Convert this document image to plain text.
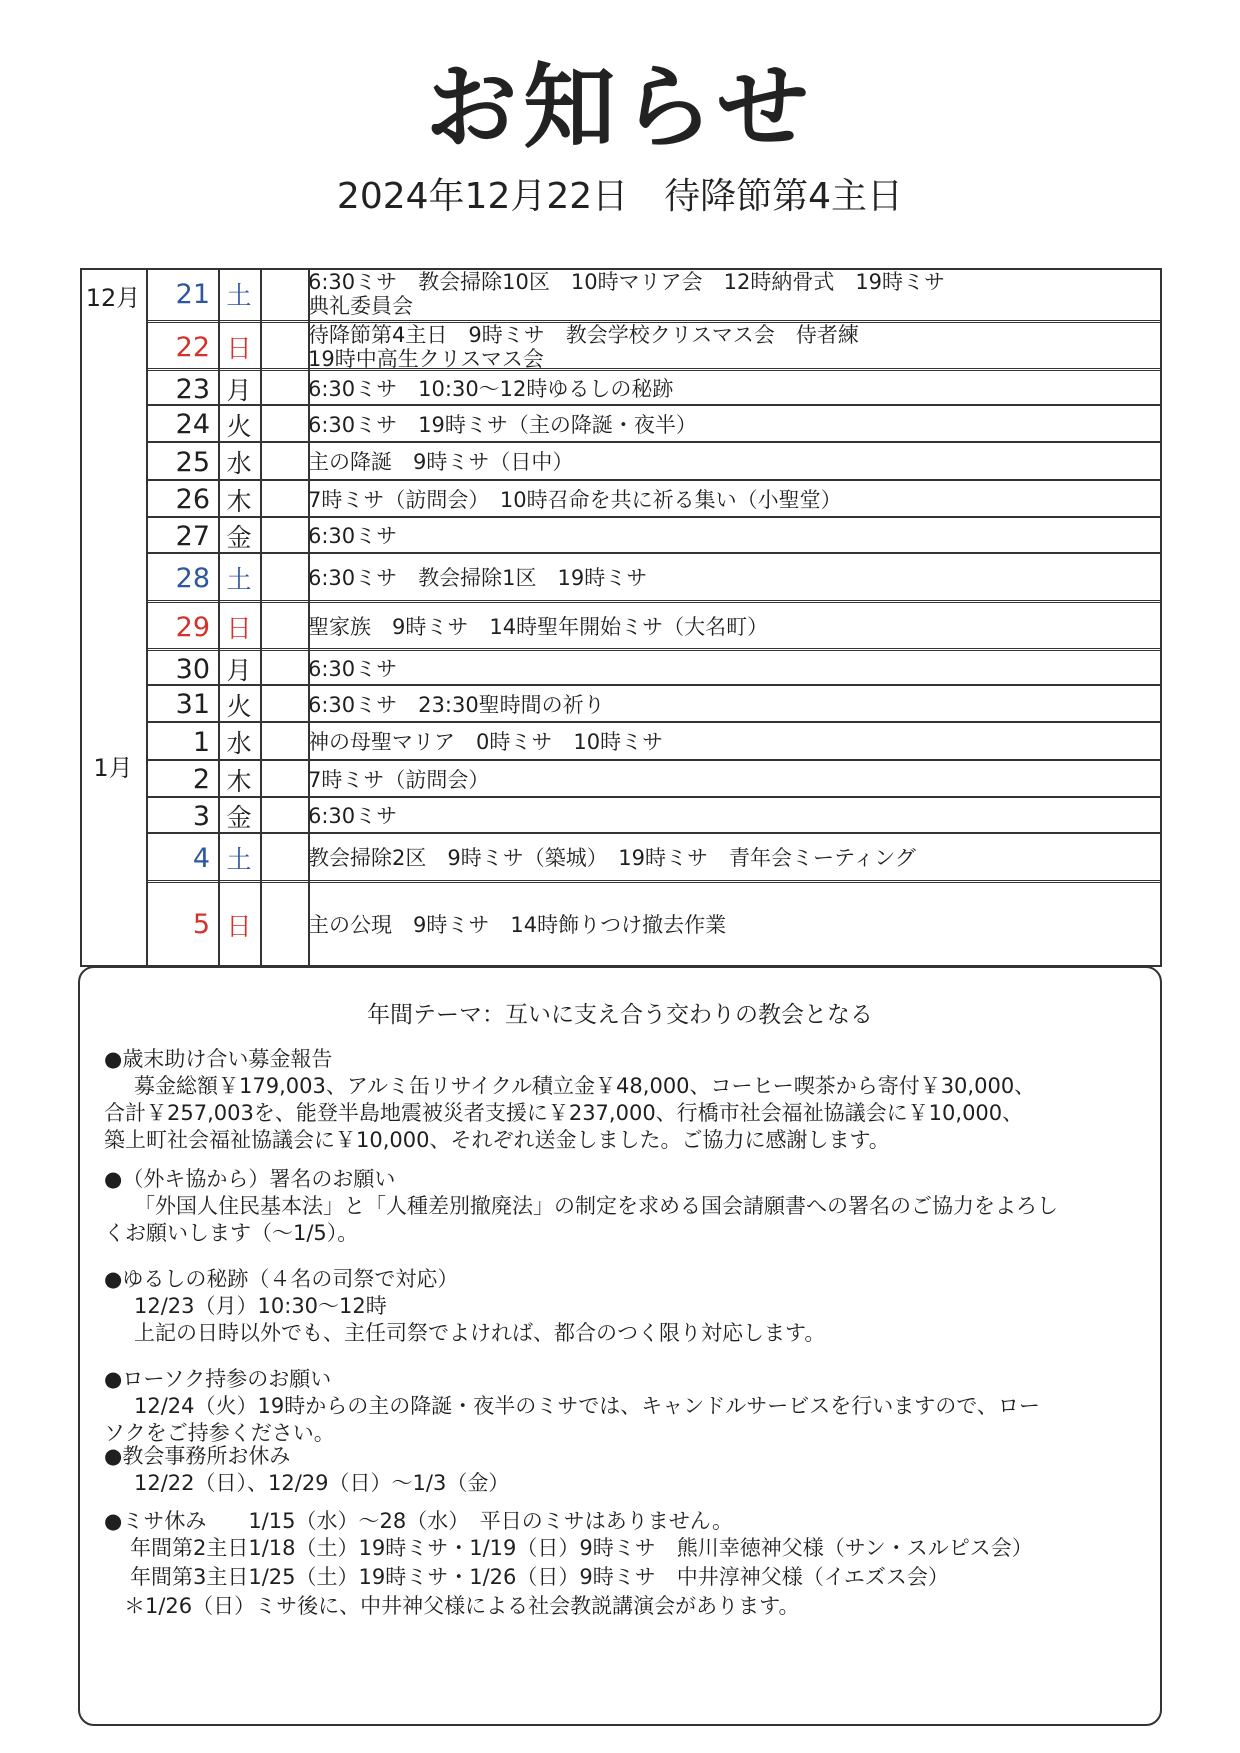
お知らせ
2024年12月22日　待降節第4主日
12月
1月
21 土	6:30ミサ　教会掃除10区　10時マリア会　12時納骨式　19時ミサ
典礼委員会
22 日	待降節第4主日　9時ミサ　教会学校クリスマス会　侍者練
19時中高生クリスマス会
23 月	6:30ミサ　10:30～12時ゆるしの秘跡
24 火	6:30ミサ　19時ミサ（主の降誕・夜半）
25 水	主の降誕　9時ミサ（日中）
26 木	7時ミサ（訪問会）　10時召命を共に祈る集い（小聖堂）
27 金	6:30ミサ
28 土	6:30ミサ　教会掃除1区　19時ミサ
29 日	聖家族　9時ミサ　14時聖年開始ミサ（大名町）
30 月	6:30ミサ
31 火	6:30ミサ　23:30聖時間の祈り
1 水	神の母聖マリア　0時ミサ　10時ミサ
2 木	7時ミサ（訪問会）
3 金	6:30ミサ
4 土	教会掃除2区　9時ミサ（築城）　19時ミサ　青年会ミーティング
5 日	主の公現　9時ミサ　14時飾りつけ撤去作業
年間テーマ：互いに支え合う交わりの教会となる
●歳末助け合い募金報告
募金総額￥179,003、アルミ缶リサイクル積立金￥48,000、コーヒー喫茶から寄付￥30,000、
合計￥257,003を、能登半島地震被災者支援に￥237,000、行橋市社会福祉協議会に￥10,000、
築上町社会福祉協議会に￥10,000、それぞれ送金しました。ご協力に感謝します。
●（外キ協から）署名のお願い
「外国人住民基本法」と「人種差別撤廃法」の制定を求める国会請願書への署名のご協力をよろし
くお願いします（～1/5）。
●ゆるしの秘跡（４名の司祭で対応）
12/23（月）10:30～12時
上記の日時以外でも、主任司祭でよければ、都合のつく限り対応します。
●ローソク持参のお願い
12/24（火）19時からの主の降誕・夜半のミサでは、キャンドルサービスを行いますので、ロー
ソクをご持参ください。
●教会事務所お休み
12/22（日）、12/29（日）～1/3（金）
●ミサ休み　　1/15（水）～28（水）　平日のミサはありません。
年間第2主日1/18（土）19時ミサ・1/19（日）9時ミサ　熊川幸徳神父様（サン・スルピス会）
年間第3主日1/25（土）19時ミサ・1/26（日）9時ミサ　中井淳神父様（イエズス会）
＊1/26（日）ミサ後に、中井神父様による社会教説講演会があります。
